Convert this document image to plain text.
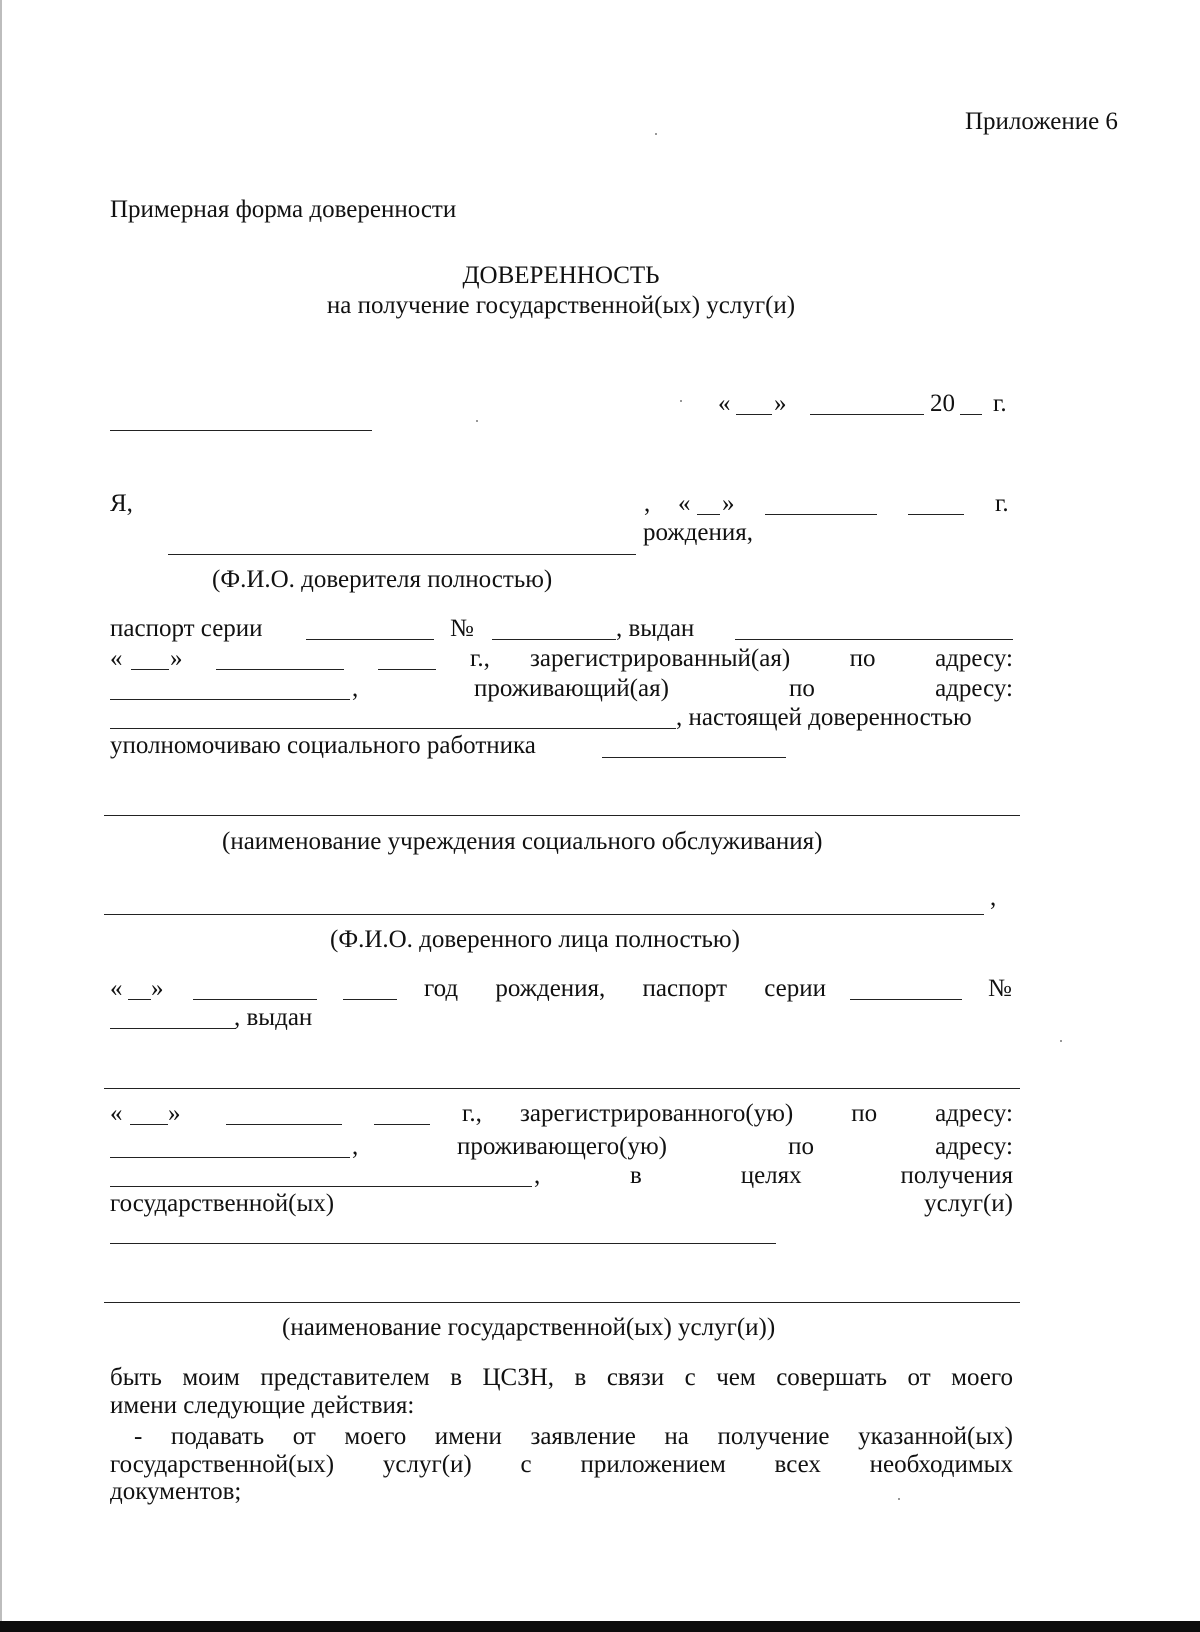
Приложение 6
Примерная форма доверенности
ДОВЕРЕННОСТЬ
на получение государственной(ых) услуг(и)
« »	20 г.
Я,	, « »	г.
рождения,
(Ф.И.О. доверителя полностью)
паспорт серии	№	, выдан
« »	г., зарегистрированный(ая) по адресу:
,	проживающий(ая)	по	адресу:
, настоящей доверенностью
уполномочиваю социального работника
(наименование учреждения социального обслуживания)
,
(Ф.И.О. доверенного лица полностью)
« »	год рождения, паспорт серии	№
, выдан
« »	г., зарегистрированного(ую) по адресу:
,	проживающего(ую)	по	адресу:
,	в	целях	получения
государственной(ых)	услуг(и)
(наименование государственной(ых) услуг(и))
быть моим представителем в ЦСЗН, в связи с чем совершать от моего
имени следующие действия:
- подавать от моего имени заявление на получение указанной(ых)
государственной(ых) услуг(и) с приложением всех необходимых
документов;
